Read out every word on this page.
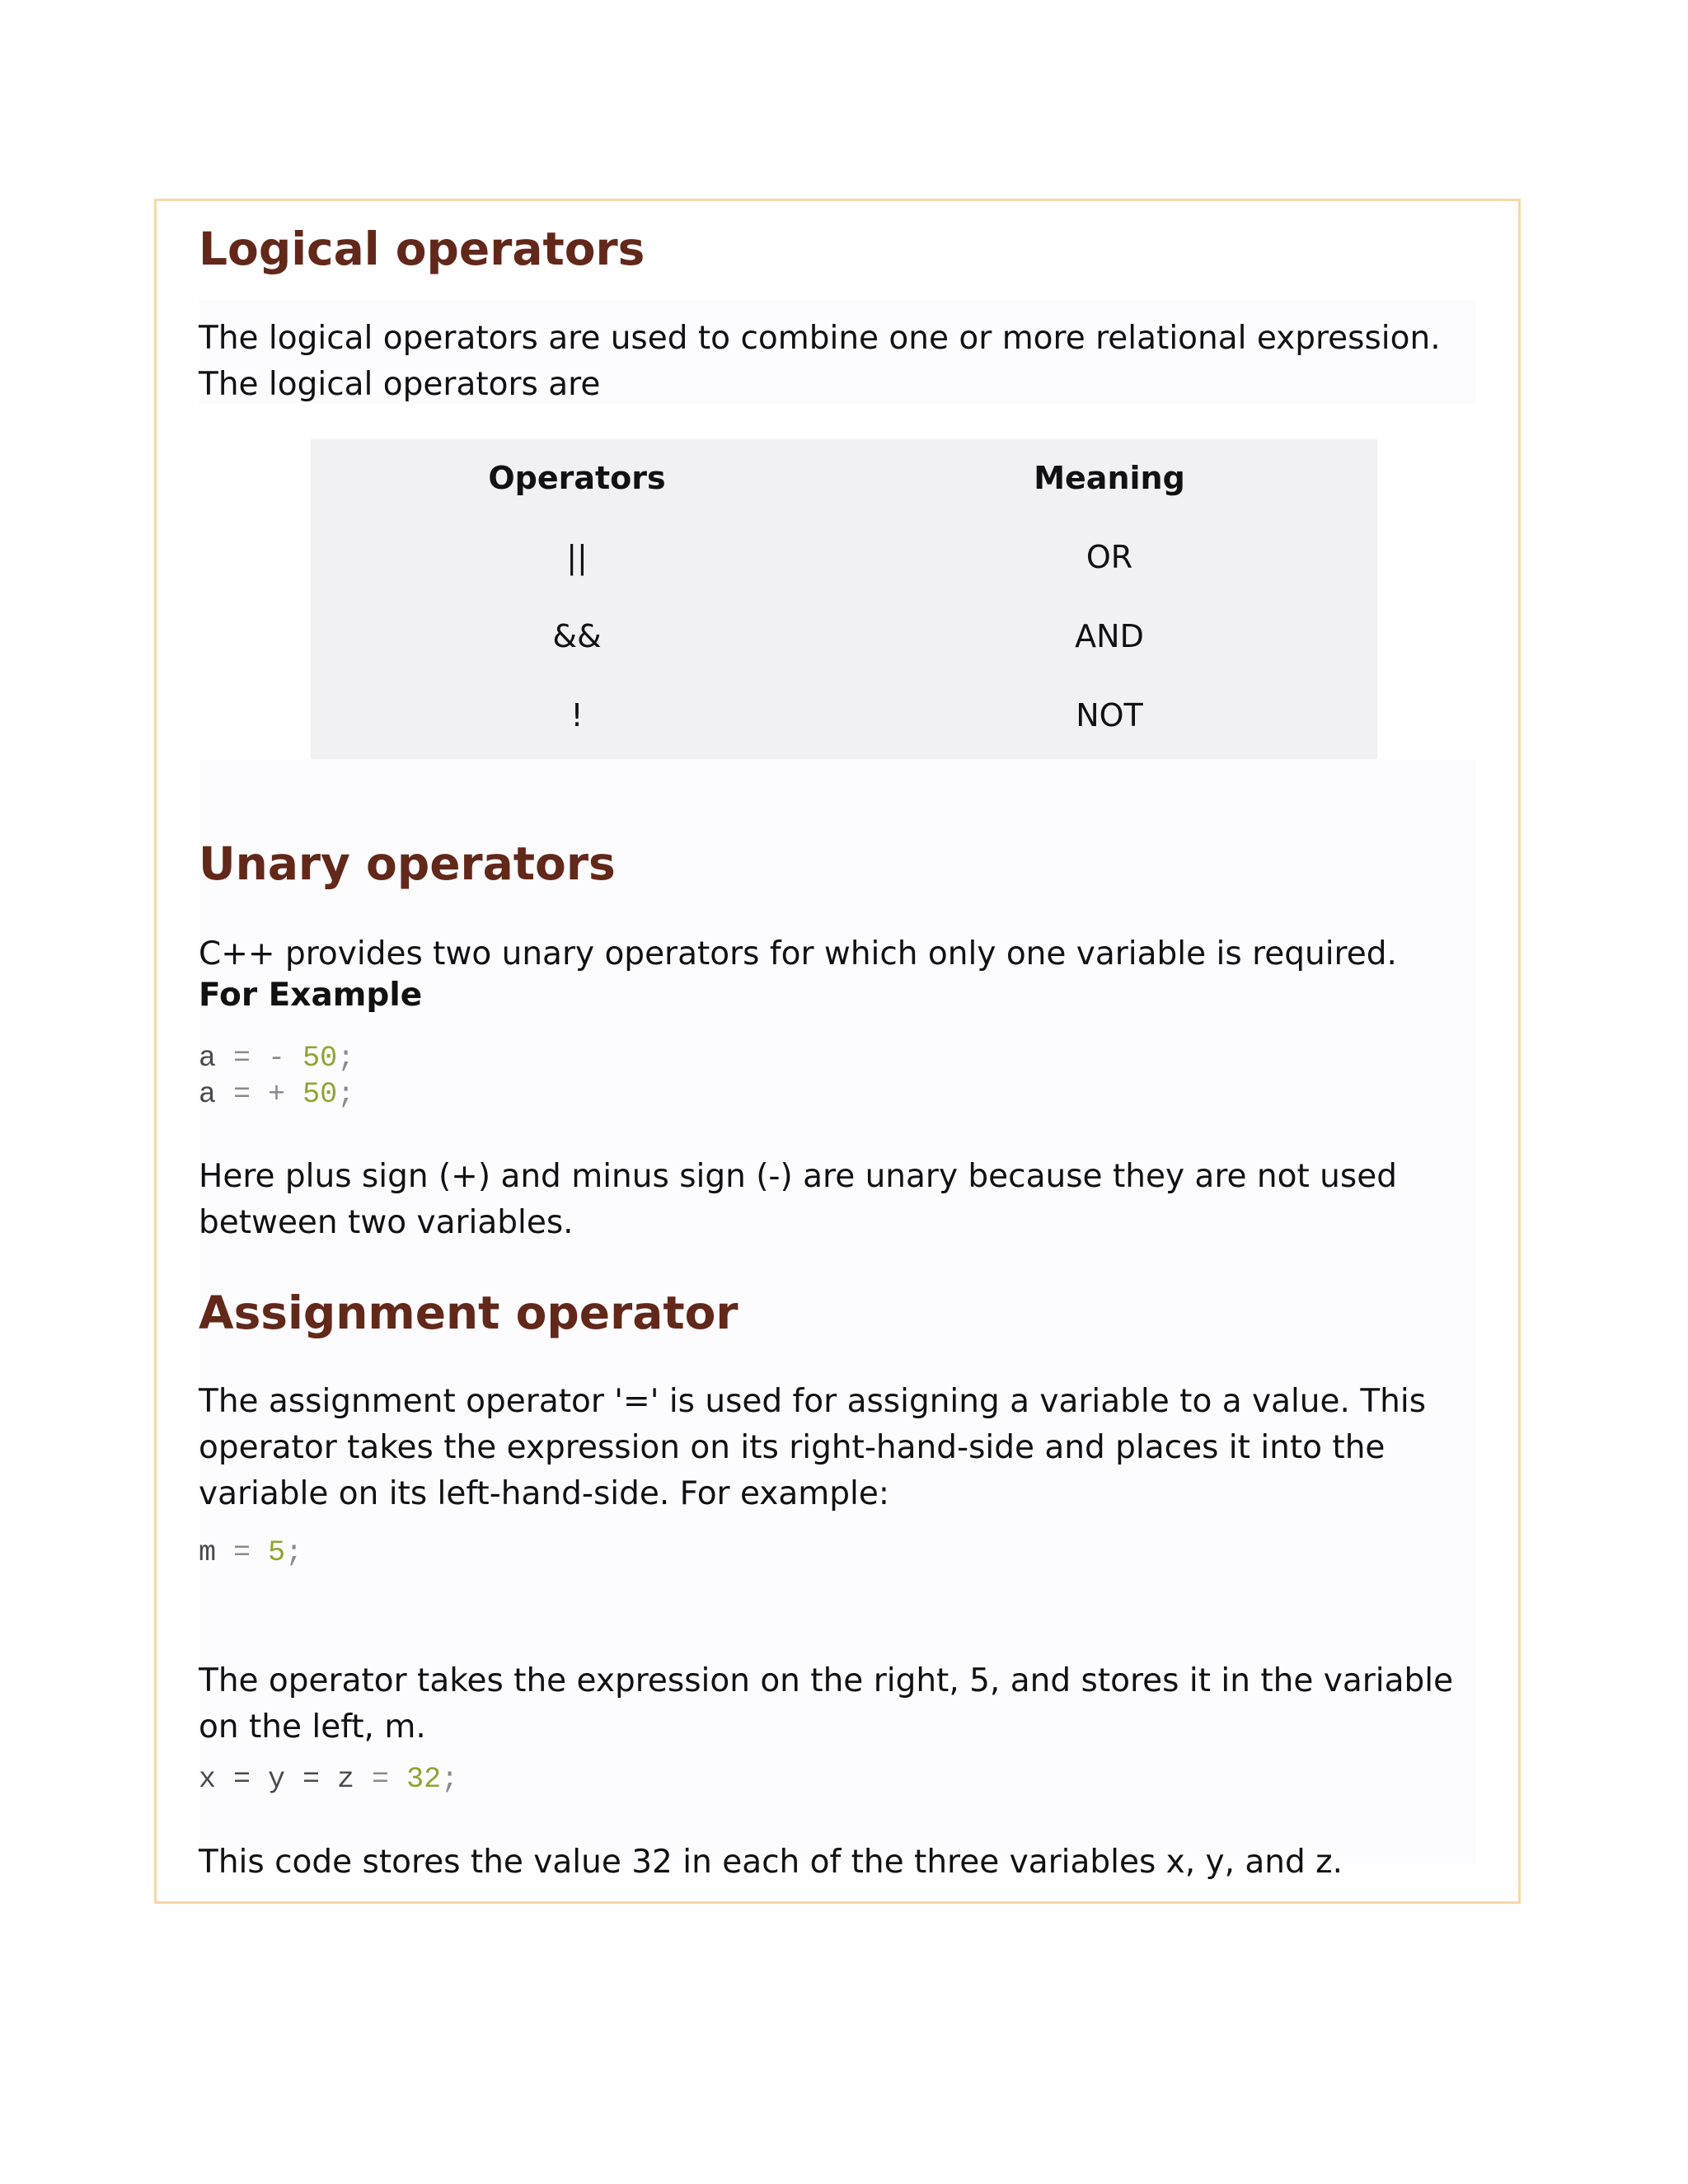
Logical operators

The logical operators are used to combine one or more relational expression.
The logical operators are

Operators	Meaning
||	OR
&&	AND
!	NOT
Unary operators

C++ provides two unary operators for which only one variable is required.

For Example
a = - 50;
a = + 50;

Here plus sign (+) and minus sign (-) are unary because they are not used
between two variables.

Assignment operator

The assignment operator '=' is used for assigning a variable to a value. This
operator takes the expression on its right-hand-side and places it into the
variable on its left-hand-side. For example:

m = 5;

The operator takes the expression on the right, 5, and stores it in the variable
on the left, m.

x = y = z = 32;

This code stores the value 32 in each of the three variables x, y, and z.
